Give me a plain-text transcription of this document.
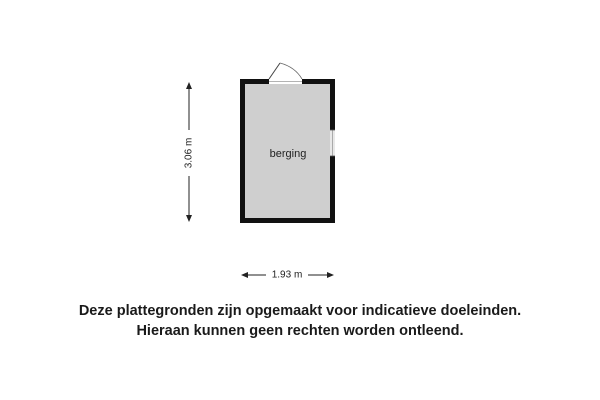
3.06 m
1.93 m
berging
Deze plattegronden zijn opgemaakt voor indicatieve doeleinden.
Hieraan kunnen geen rechten worden ontleend.
